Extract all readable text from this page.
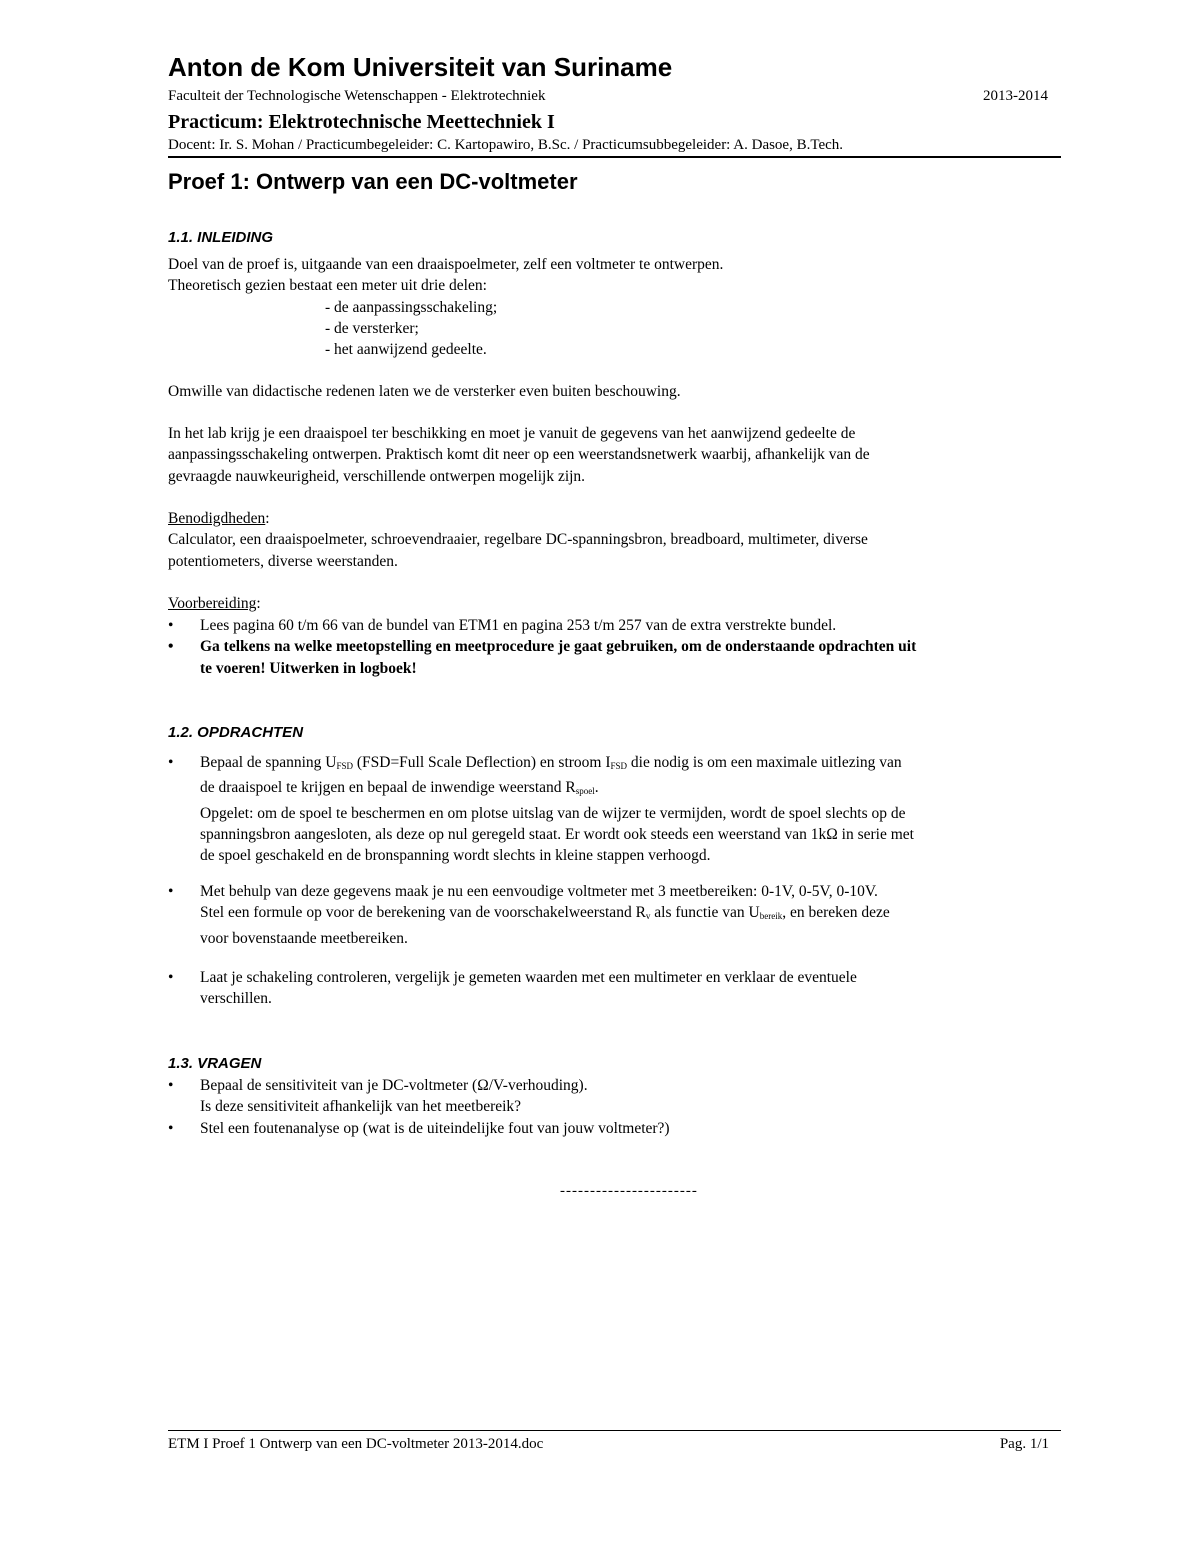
Anton de Kom Universiteit van Suriname
Faculteit der Technologische Wetenschappen - Elektrotechniek	2013-2014
Practicum: Elektrotechnische Meettechniek I
Docent: Ir. S. Mohan / Practicumbegeleider: C. Kartopawiro, B.Sc. / Practicumsubbegeleider: A. Dasoe, B.Tech.
Proef 1: Ontwerp van een DC-voltmeter
1.1. INLEIDING
Doel van de proef is, uitgaande van een draaispoelmeter, zelf een voltmeter te ontwerpen.
Theoretisch gezien bestaat een meter uit drie delen:
- de aanpassingsschakeling;
- de versterker;
- het aanwijzend gedeelte.
Omwille van didactische redenen laten we de versterker even buiten beschouwing.
In het lab krijg je een draaispoel ter beschikking en moet je vanuit de gegevens van het aanwijzend gedeelte de
aanpassingsschakeling ontwerpen. Praktisch komt dit neer op een weerstandsnetwerk waarbij, afhankelijk van de
gevraagde nauwkeurigheid, verschillende ontwerpen mogelijk zijn.
Benodigdheden:
Calculator, een draaispoelmeter, schroevendraaier, regelbare DC-spanningsbron, breadboard, multimeter, diverse
potentiometers, diverse weerstanden.
Voorbereiding:
• Lees pagina 60 t/m 66 van de bundel van ETM1 en pagina 253 t/m 257 van de extra verstrekte bundel.
• Ga telkens na welke meetopstelling en meetprocedure je gaat gebruiken, om de onderstaande opdrachten uit
te voeren! Uitwerken in logboek!
1.2. OPDRACHTEN
• Bepaal de spanning $U_{FSD}$ (FSD=Full Scale Deflection) en stroom $I_{FSD}$ die nodig is om een maximale uitlezing van
de draaispoel te krijgen en bepaal de inwendige weerstand $R_{spoel}$.
Opgelet: om de spoel te beschermen en om plotse uitslag van de wijzer te vermijden, wordt de spoel slechts op de
spanningsbron aangesloten, als deze op nul geregeld staat. Er wordt ook steeds een weerstand van 1kΩ in serie met
de spoel geschakeld en de bronspanning wordt slechts in kleine stappen verhoogd.
• Met behulp van deze gegevens maak je nu een eenvoudige voltmeter met 3 meetbereiken: 0-1V, 0-5V, 0-10V.
Stel een formule op voor de berekening van de voorschakelweerstand $R_v$ als functie van $U_{bereik}$, en bereken deze
voor bovenstaande meetbereiken.
• Laat je schakeling controleren, vergelijk je gemeten waarden met een multimeter en verklaar de eventuele
verschillen.
1.3. VRAGEN
• Bepaal de sensitiviteit van je DC-voltmeter (Ω/V-verhouding).
Is deze sensitiviteit afhankelijk van het meetbereik?
• Stel een foutenanalyse op (wat is de uiteindelijke fout van jouw voltmeter?)
-----------------------
ETM I Proef 1 Ontwerp van een DC-voltmeter 2013-2014.doc	Pag. 1/1
